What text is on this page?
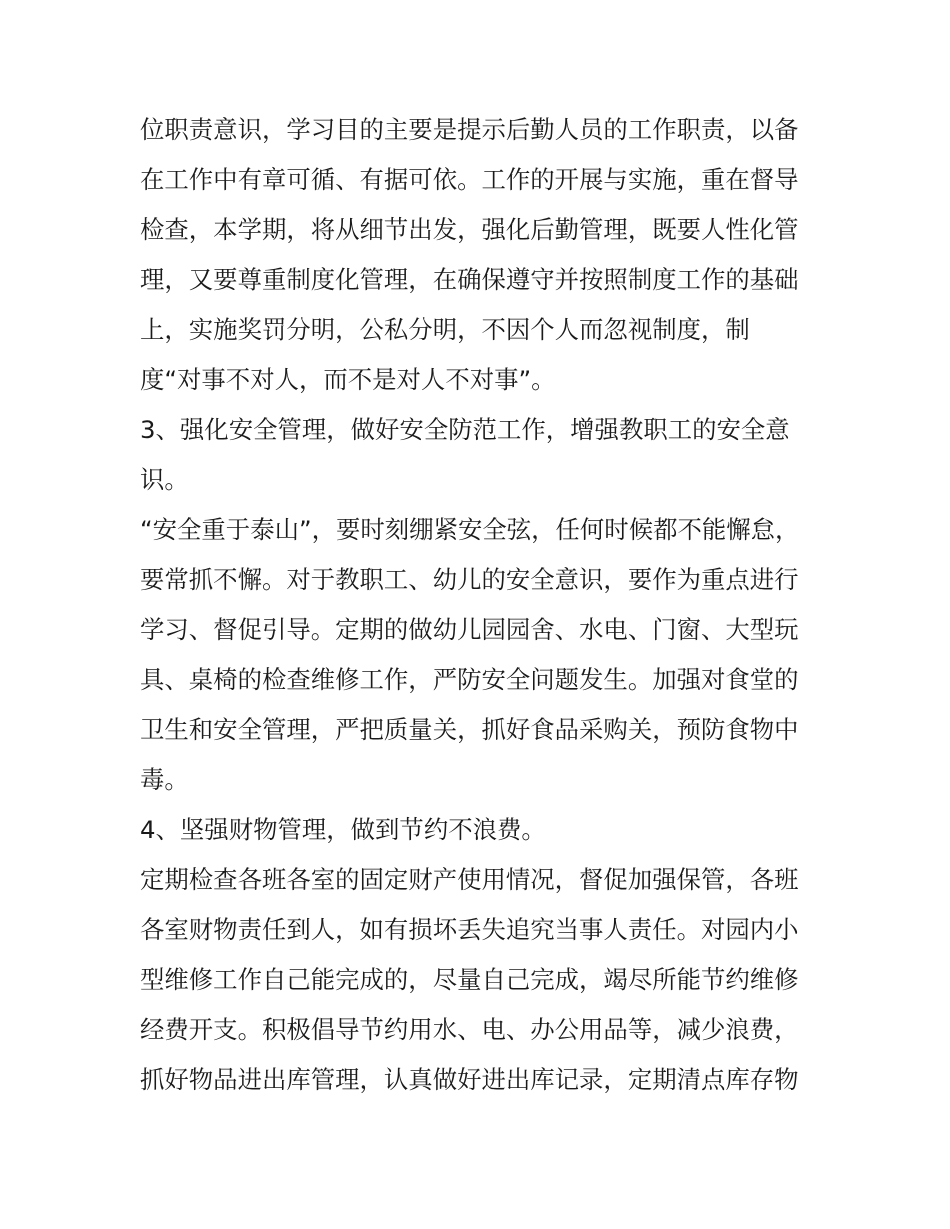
位职责意识，学习目的主要是提示后勤人员的工作职责，以备
在工作中有章可循、有据可依。工作的开展与实施，重在督导
检查，本学期，将从细节出发，强化后勤管理，既要人性化管
理，又要尊重制度化管理，在确保遵守并按照制度工作的基础
上，实施奖罚分明，公私分明，不因个人而忽视制度，制
度“对事不对人，而不是对人不对事”。
3、强化安全管理，做好安全防范工作，增强教职工的安全意
识。
“安全重于泰山”，要时刻绷紧安全弦，任何时候都不能懈怠，
要常抓不懈。对于教职工、幼儿的安全意识，要作为重点进行
学习、督促引导。定期的做幼儿园园舍、水电、门窗、大型玩
具、桌椅的检查维修工作，严防安全问题发生。加强对食堂的
卫生和安全管理，严把质量关，抓好食品采购关，预防食物中
毒。
4、坚强财物管理，做到节约不浪费。
定期检查各班各室的固定财产使用情况，督促加强保管，各班
各室财物责任到人，如有损坏丢失追究当事人责任。对园内小
型维修工作自己能完成的，尽量自己完成，竭尽所能节约维修
经费开支。积极倡导节约用水、电、办公用品等，减少浪费，
抓好物品进出库管理，认真做好进出库记录，定期清点库存物
